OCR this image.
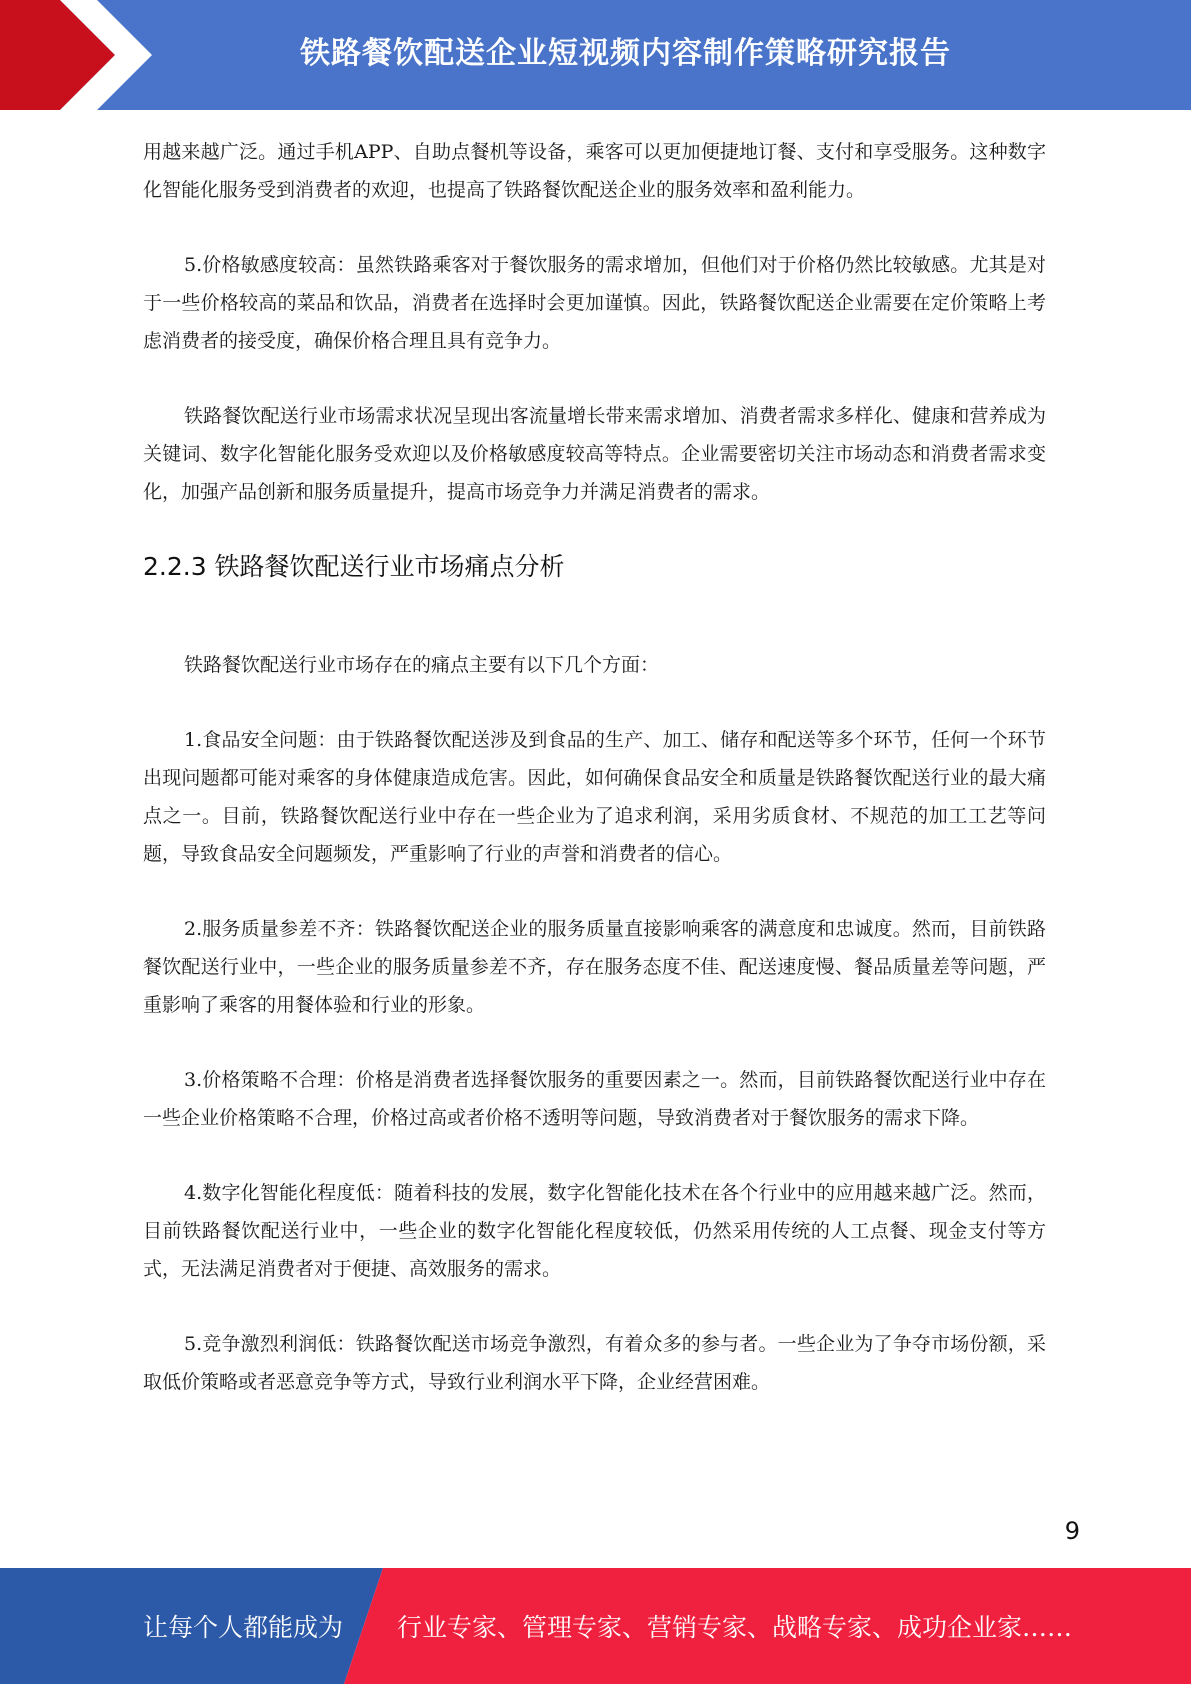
铁路餐饮配送企业短视频内容制作策略研究报告

用越来越广泛。通过手机APP、自助点餐机等设备，乘客可以更加便捷地订餐、支付和享受服务。这种数字化智能化服务受到消费者的欢迎，也提高了铁路餐饮配送企业的服务效率和盈利能力。

5.价格敏感度较高：虽然铁路乘客对于餐饮服务的需求增加，但他们对于价格仍然比较敏感。尤其是对于一些价格较高的菜品和饮品，消费者在选择时会更加谨慎。因此，铁路餐饮配送企业需要在定价策略上考虑消费者的接受度，确保价格合理且具有竞争力。

铁路餐饮配送行业市场需求状况呈现出客流量增长带来需求增加、消费者需求多样化、健康和营养成为关键词、数字化智能化服务受欢迎以及价格敏感度较高等特点。企业需要密切关注市场动态和消费者需求变化，加强产品创新和服务质量提升，提高市场竞争力并满足消费者的需求。

2.2.3 铁路餐饮配送行业市场痛点分析

铁路餐饮配送行业市场存在的痛点主要有以下几个方面：

1.食品安全问题：由于铁路餐饮配送涉及到食品的生产、加工、储存和配送等多个环节，任何一个环节出现问题都可能对乘客的身体健康造成危害。因此，如何确保食品安全和质量是铁路餐饮配送行业的最大痛点之一。目前，铁路餐饮配送行业中存在一些企业为了追求利润，采用劣质食材、不规范的加工工艺等问题，导致食品安全问题频发，严重影响了行业的声誉和消费者的信心。

2.服务质量参差不齐：铁路餐饮配送企业的服务质量直接影响乘客的满意度和忠诚度。然而，目前铁路餐饮配送行业中，一些企业的服务质量参差不齐，存在服务态度不佳、配送速度慢、餐品质量差等问题，严重影响了乘客的用餐体验和行业的形象。

3.价格策略不合理：价格是消费者选择餐饮服务的重要因素之一。然而，目前铁路餐饮配送行业中存在一些企业价格策略不合理，价格过高或者价格不透明等问题，导致消费者对于餐饮服务的需求下降。

4.数字化智能化程度低：随着科技的发展，数字化智能化技术在各个行业中的应用越来越广泛。然而，目前铁路餐饮配送行业中，一些企业的数字化智能化程度较低，仍然采用传统的人工点餐、现金支付等方式，无法满足消费者对于便捷、高效服务的需求。

5.竞争激烈利润低：铁路餐饮配送市场竞争激烈，有着众多的参与者。一些企业为了争夺市场份额，采取低价策略或者恶意竞争等方式，导致行业利润水平下降，企业经营困难。

9
让每个人都能成为 行业专家、管理专家、营销专家、战略专家、成功企业家……
